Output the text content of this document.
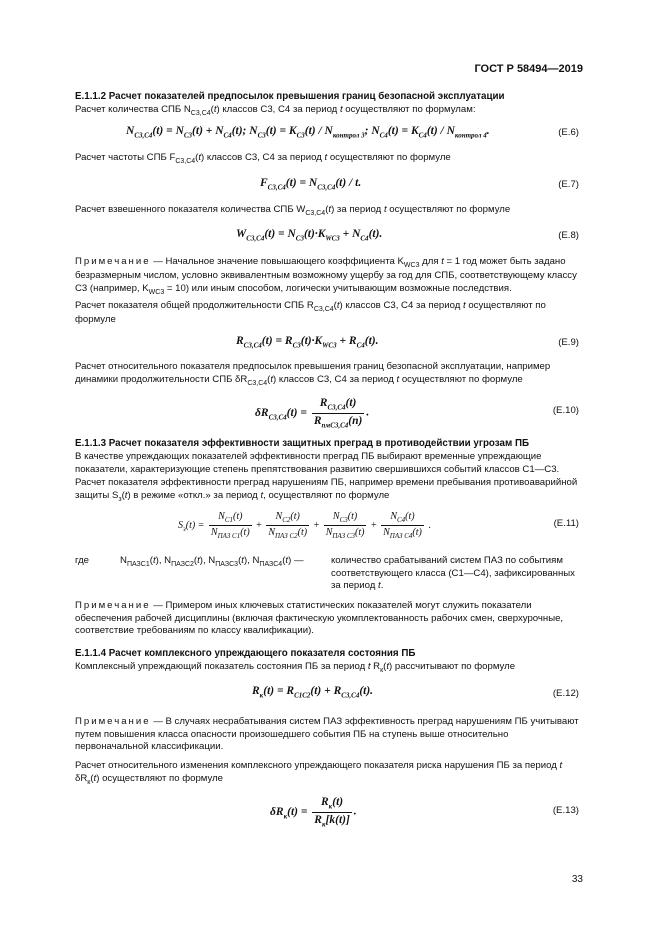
ГОСТ Р 58494—2019
Е.1.1.2 Расчет показателей предпосылок превышения границ безопасной эксплуатации
Расчет количества СПБ $N_{C3,C4}(t)$ классов С3, С4 за период t осуществляют по формулам:
$N_{C3,C4}(t) = N_{C3}(t) + N_{C4}(t)$; $N_{C3}(t) = K_{C3}(t) / N_{контрол 3}$; $N_{C4}(t) = K_{C4}(t) / N_{контрол 4}$.	(Е.6)
Расчет частоты СПБ $F_{C3,C4}(t)$ классов С3, С4 за период t осуществляют по формуле
$F_{C3,C4}(t) = N_{C3,C4}(t) / t$.	(Е.7)
Расчет взвешенного показателя количества СПБ $W_{C3,C4}(t)$ за период t осуществляют по формуле
$W_{C3,C4}(t) = N_{C3}(t)\cdot K_{WC3} + N_{C4}(t)$.	(Е.8)
Примечание — Начальное значение повышающего коэффициента $K_{WC3}$ для t = 1 год может быть задано безразмерным числом, условно эквивалентным возможному ущербу за год для СПБ, соответствующему классу С3 (например, $K_{WC3} = 10$) или иным способом, логически учитывающим возможные последствия.
Расчет показателя общей продолжительности СПБ $R_{C3,C4}(t)$ классов С3, С4 за период t осуществляют по формуле
$R_{C3,C4}(t) = R_{C3}(t)\cdot K_{WC3} + R_{C4}(t)$.	(Е.9)
Расчет относительного показателя предпосылок превышения границ безопасной эксплуатации, например динамики продолжительности СПБ $\delta R_{C3,C4}(t)$ классов С3, С4 за период t осуществляют по формуле
$\delta R_{C3,C4}(t) = \frac{R_{C3,C4}(t)}{R_{пмC3,C4}(n)}$ .	(Е.10)
Е.1.1.3 Расчет показателя эффективности защитных преград в противодействии угрозам ПБ
В качестве упреждающих показателей эффективности преград ПБ выбирают временные упреждающие показатели, характеризующие степень препятствования развитию свершившихся событий классов С1—С3.
Расчет показателя эффективности преград нарушениям ПБ, например времени пребывания противоаварийной защиты $S_з(t)$ в режиме «откл.» за период t, осуществляют по формуле
$S_з(t) = \frac{N_{C1}(t)}{N_{ПАЗ C1}(t)} + \frac{N_{C2}(t)}{N_{ПАЗ C2}(t)} + \frac{N_{C3}(t)}{N_{ПАЗ C3}(t)} + \frac{N_{C4}(t)}{N_{ПАЗ C4}(t)}$ .	(Е.11)
где	$N_{ПАЗC1}(t)$, $N_{ПАЗC2}(t)$, $N_{ПАЗC3}(t)$, $N_{ПАЗC4}(t)$ —	количество срабатываний систем ПАЗ по событиям соответствующего класса (С1—С4), зафиксированных за период t.
Примечание — Примером иных ключевых статистических показателей могут служить показатели обеспечения рабочей дисциплины (включая фактическую укомплектованность рабочих смен, сверхурочные, соответствие требованиям по классу квалификации).
Е.1.1.4 Расчет комплексного упреждающего показателя состояния ПБ
Комплексный упреждающий показатель состояния ПБ за период t $R_к(t)$ рассчитывают по формуле
$R_к(t) = R_{C1C2}(t) + R_{C3,C4}(t)$.	(Е.12)
Примечание — В случаях несрабатывания систем ПАЗ эффективность преград нарушениям ПБ учитывают путем повышения класса опасности произошедшего события ПБ на ступень выше относительно первоначальной классификации.
Расчет относительного изменения комплексного упреждающего показателя риска нарушения ПБ за период t $\delta R_к(t)$ осуществляют по формуле
$\delta R_к(t) = \frac{R_к(t)}{R_к[k(t)]}$ .	(Е.13)
33
